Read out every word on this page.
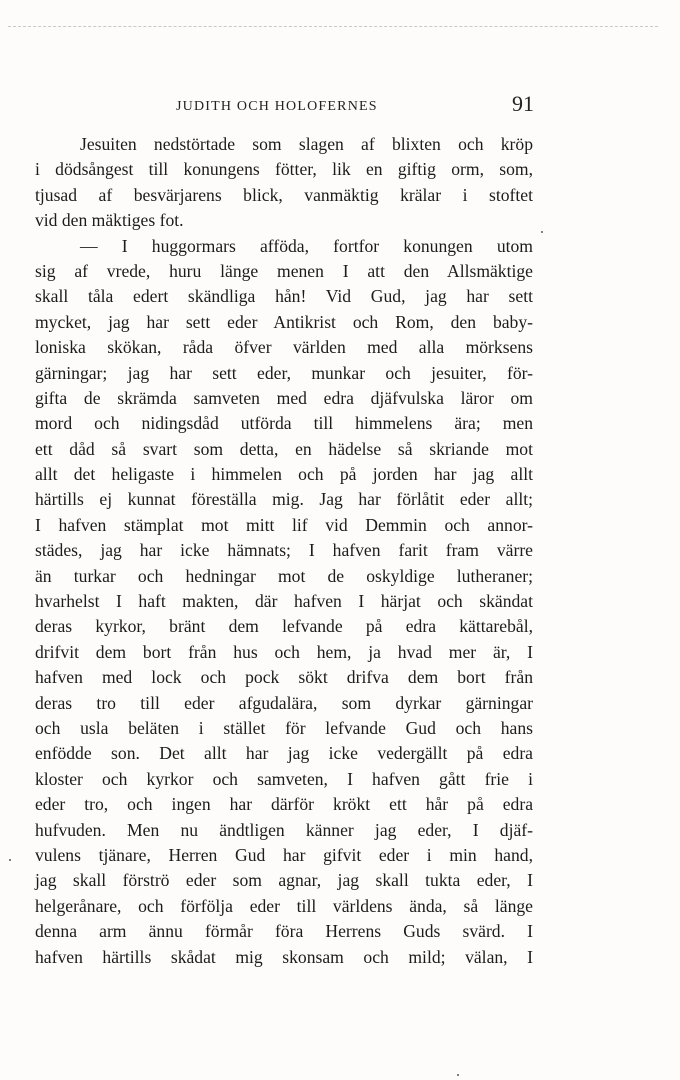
JUDITH OCH HOLOFERNES	91
Jesuiten nedstörtade som slagen af blixten och kröp
i dödsångest till konungens fötter, lik en giftig orm, som,
tjusad af besvärjarens blick, vanmäktig krälar i stoftet
vid den mäktiges fot.
— I huggormars afföda, fortfor konungen utom
sig af vrede, huru länge menen I att den Allsmäktige
skall tåla edert skändliga hån! Vid Gud, jag har sett
mycket, jag har sett eder Antikrist och Rom, den baby-
loniska skökan, råda öfver världen med alla mörksens
gärningar; jag har sett eder, munkar och jesuiter, för-
gifta de skrämda samveten med edra djäfvulska läror om
mord och nidingsdåd utförda till himmelens ära; men
ett dåd så svart som detta, en hädelse så skriande mot
allt det heligaste i himmelen och på jorden har jag allt
härtills ej kunnat föreställa mig. Jag har förlåtit eder allt;
I hafven stämplat mot mitt lif vid Demmin och annor-
städes, jag har icke hämnats; I hafven farit fram värre
än turkar och hedningar mot de oskyldige lutheraner;
hvarhelst I haft makten, där hafven I härjat och skändat
deras kyrkor, bränt dem lefvande på edra kättarebål,
drifvit dem bort från hus och hem, ja hvad mer är, I
hafven med lock och pock sökt drifva dem bort från
deras tro till eder afgudalära, som dyrkar gärningar
och usla beläten i stället för lefvande Gud och hans
enfödde son. Det allt har jag icke vedergällt på edra
kloster och kyrkor och samveten, I hafven gått frie i
eder tro, och ingen har därför krökt ett hår på edra
hufvuden. Men nu ändtligen känner jag eder, I djäf-
vulens tjänare, Herren Gud har gifvit eder i min hand,
jag skall förströ eder som agnar, jag skall tukta eder, I
helgerånare, och förfölja eder till världens ända, så länge
denna arm ännu förmår föra Herrens Guds svärd. I
hafven härtills skådat mig skonsam och mild; välan, I
